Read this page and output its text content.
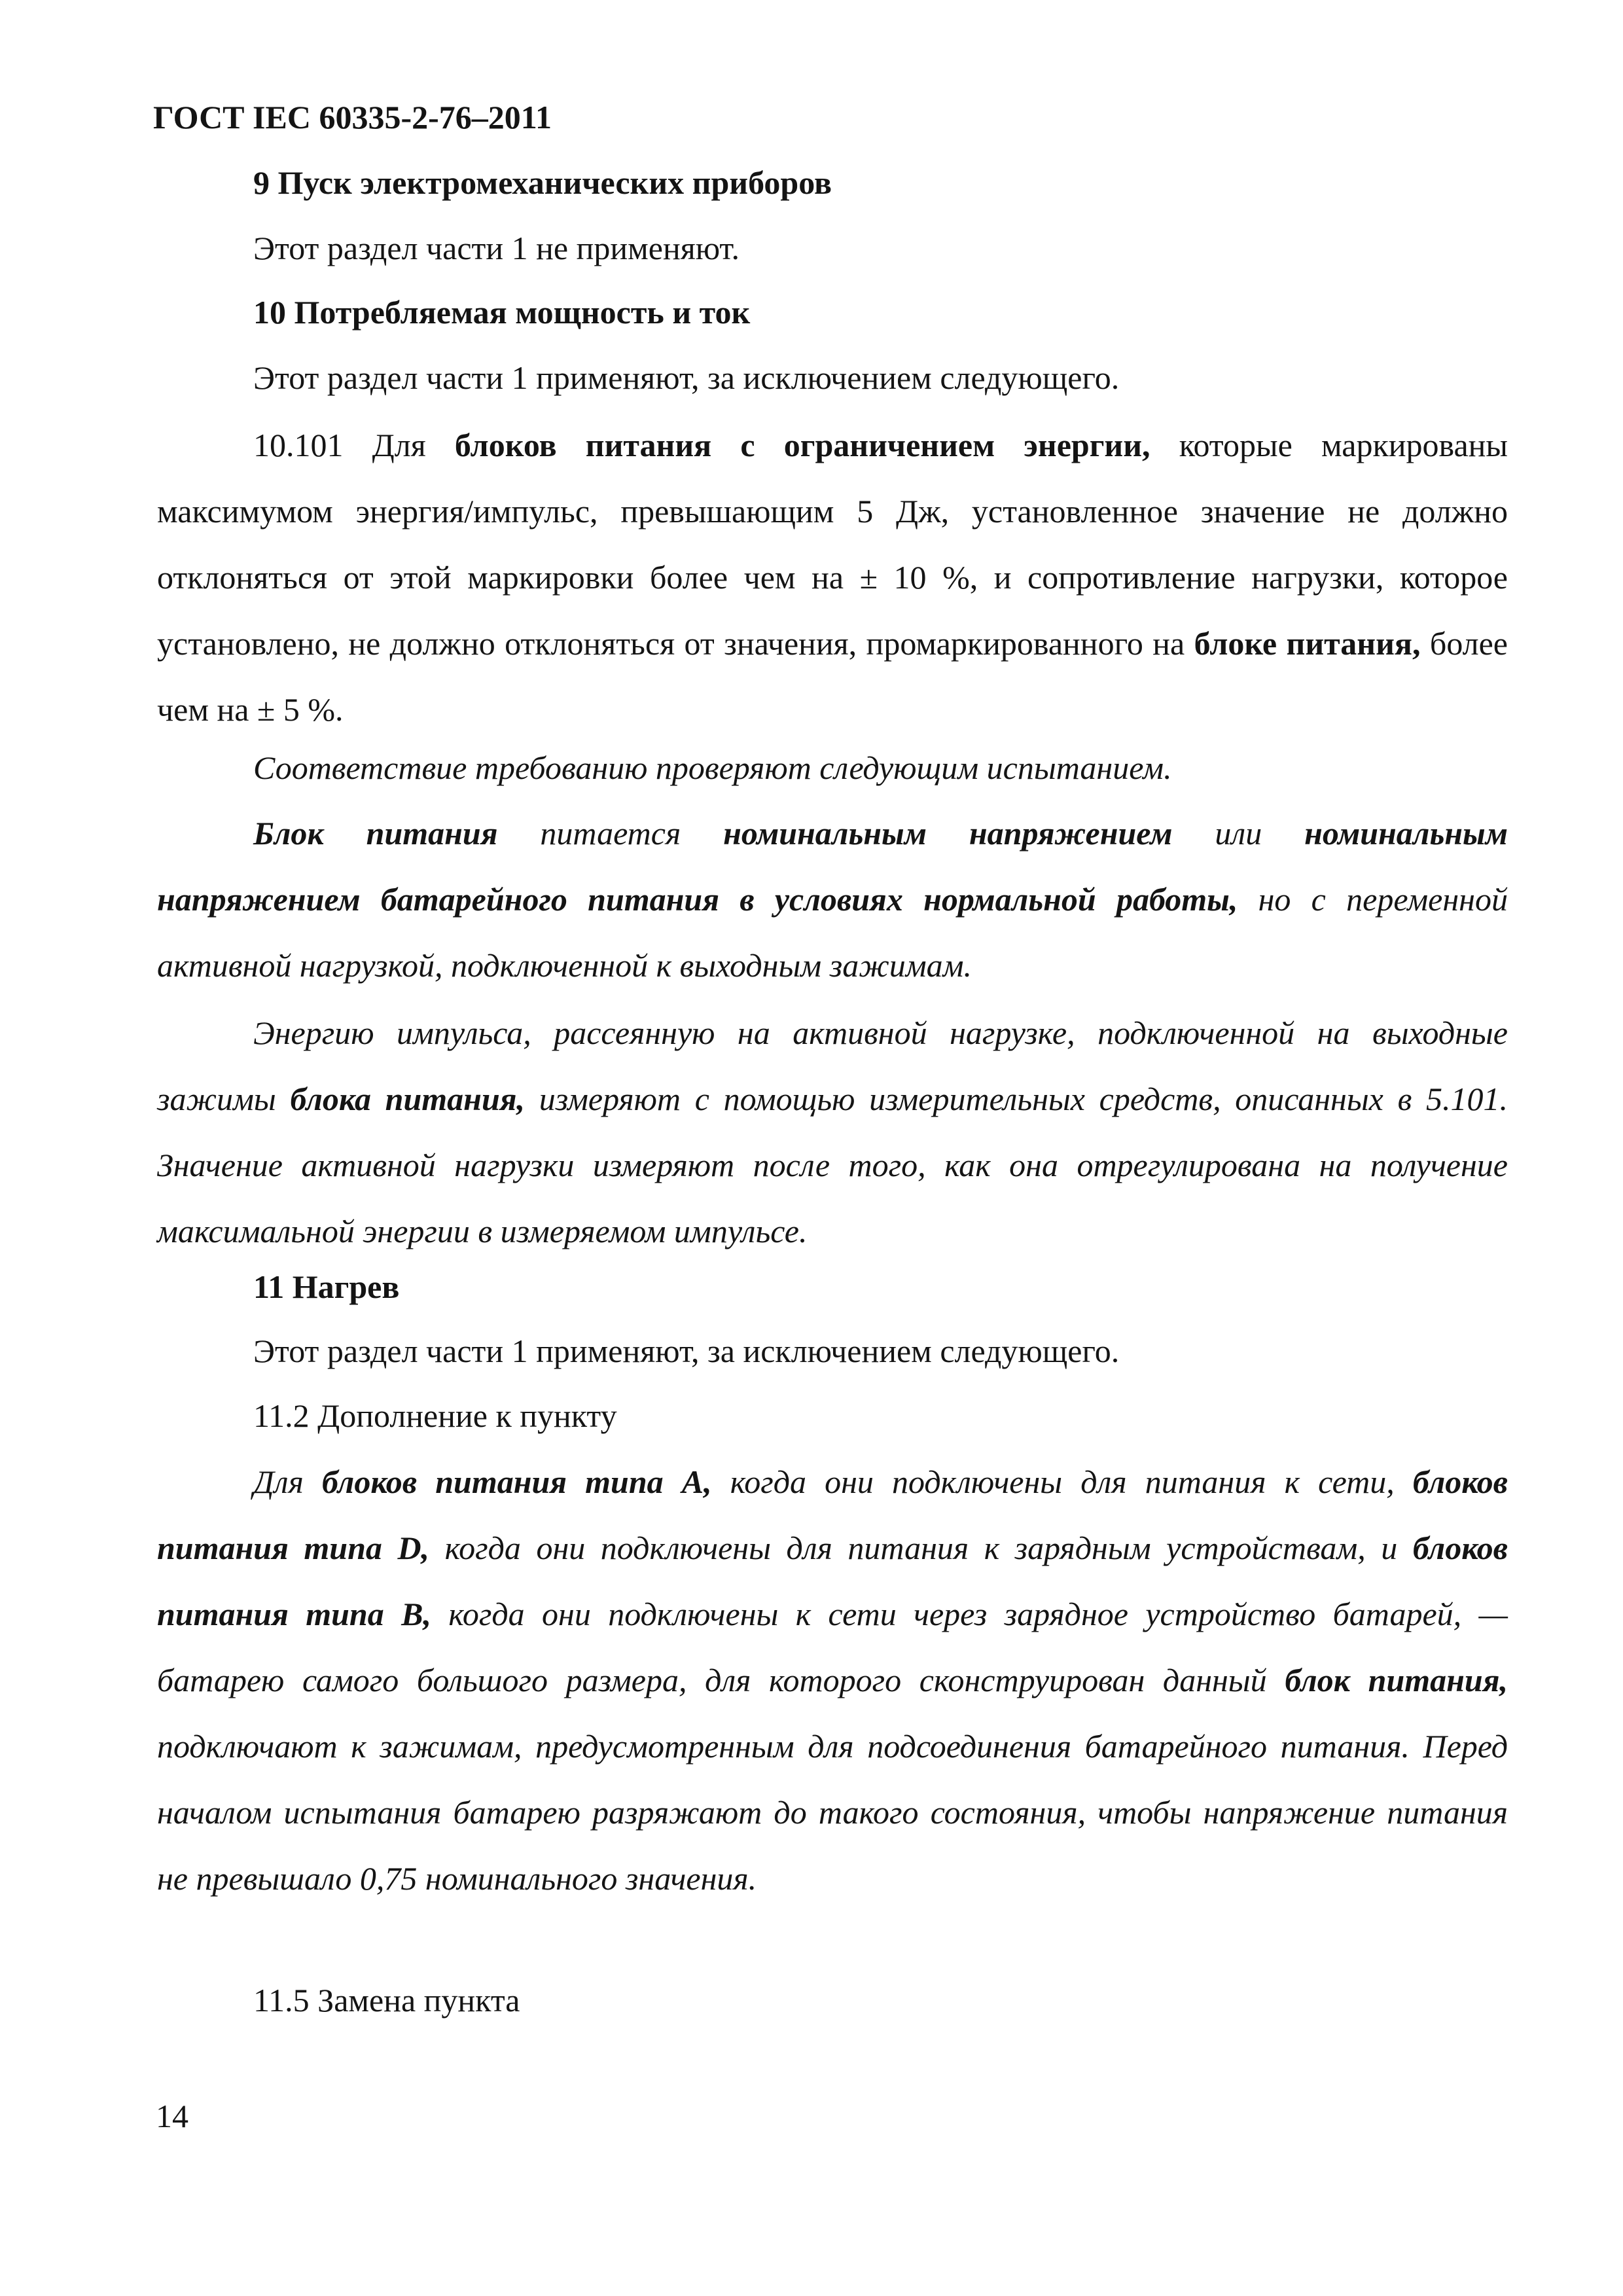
ГОСТ IEC 60335-2-76–2011
9 Пуск электромеханических приборов
Этот раздел части 1 не применяют.
10 Потребляемая мощность и ток
Этот раздел части 1 применяют, за исключением следующего.

10.101 Для блоков питания с ограничением энергии, которые маркированы максимумом энергия/импульс, превышающим 5 Дж, установленное значение не должно отклоняться от этой маркировки более чем на ± 10 %, и сопротивление нагрузки, которое установлено, не должно отклоняться от значения, промаркированного на блоке питания, более чем на ± 5 %.

Соответствие требованию проверяют следующим испытанием.

Блок питания питается номинальным напряжением или номинальным напряжением батарейного питания в условиях нормальной работы, но с переменной активной нагрузкой, подключенной к выходным зажимам.

Энергию импульса, рассеянную на активной нагрузке, подключенной на выходные зажимы блока питания, измеряют с помощью измерительных средств, описанных в 5.101. Значение активной нагрузки измеряют после того, как она отрегулирована на получение максимальной энергии в измеряемом импульсе.

11 Нагрев
Этот раздел части 1 применяют, за исключением следующего.
11.2 Дополнение к пункту

Для блоков питания типа А, когда они подключены для питания к сети, блоков питания типа D, когда они подключены для питания к зарядным устройствам, и блоков питания типа В, когда они подключены к сети через зарядное устройство батарей, — батарею самого большого размера, для которого сконструирован данный блок питания, подключают к зажимам, предусмотренным для подсоединения батарейного питания. Перед началом испытания батарею разряжают до такого состояния, чтобы напряжение питания не превышало 0,75 номинального значения.

11.5 Замена пункта
14
